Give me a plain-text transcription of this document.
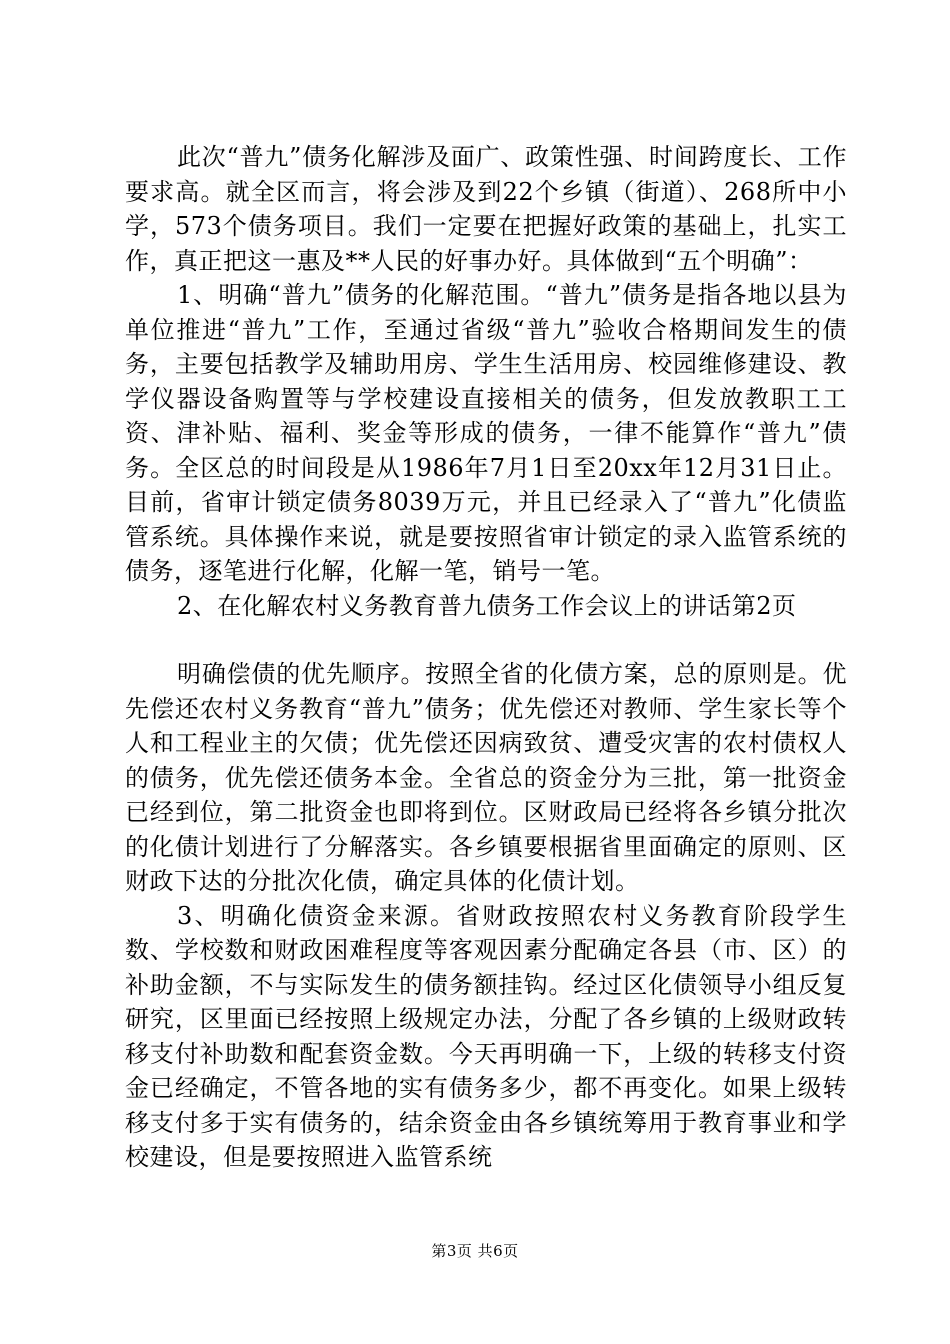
此次“普九”债务化解涉及面广、政策性强、时间跨度长、工作要求高。就全区而言，将会涉及到22个乡镇（街道）、268所中小学，573个债务项目。我们一定要在把握好政策的基础上，扎实工作，真正把这一惠及**人民的好事办好。具体做到“五个明确”：

1、明确“普九”债务的化解范围。“普九”债务是指各地以县为单位推进“普九”工作，至通过省级“普九”验收合格期间发生的债务，主要包括教学及辅助用房、学生生活用房、校园维修建设、教学仪器设备购置等与学校建设直接相关的债务，但发放教职工工资、津补贴、福利、奖金等形成的债务，一律不能算作“普九”债务。全区总的时间段是从1986年7月1日至20xx年12月31日止。目前，省审计锁定债务8039万元，并且已经录入了“普九”化债监管系统。具体操作来说，就是要按照省审计锁定的录入监管系统的债务，逐笔进行化解，化解一笔，销号一笔。

2、在化解农村义务教育普九债务工作会议上的讲话第2页

明确偿债的优先顺序。按照全省的化债方案，总的原则是。优先偿还农村义务教育“普九”债务；优先偿还对教师、学生家长等个人和工程业主的欠债；优先偿还因病致贫、遭受灾害的农村债权人的债务，优先偿还债务本金。全省总的资金分为三批，第一批资金已经到位，第二批资金也即将到位。区财政局已经将各乡镇分批次的化债计划进行了分解落实。各乡镇要根据省里面确定的原则、区财政下达的分批次化债，确定具体的化债计划。

3、明确化债资金来源。省财政按照农村义务教育阶段学生数、学校数和财政困难程度等客观因素分配确定各县（市、区）的补助金额，不与实际发生的债务额挂钩。经过区化债领导小组反复研究，区里面已经按照上级规定办法，分配了各乡镇的上级财政转移支付补助数和配套资金数。今天再明确一下，上级的转移支付资金已经确定，不管各地的实有债务多少，都不再变化。如果上级转移支付多于实有债务的，结余资金由各乡镇统筹用于教育事业和学校建设，但是要按照进入监管系统

第3页 共6页
